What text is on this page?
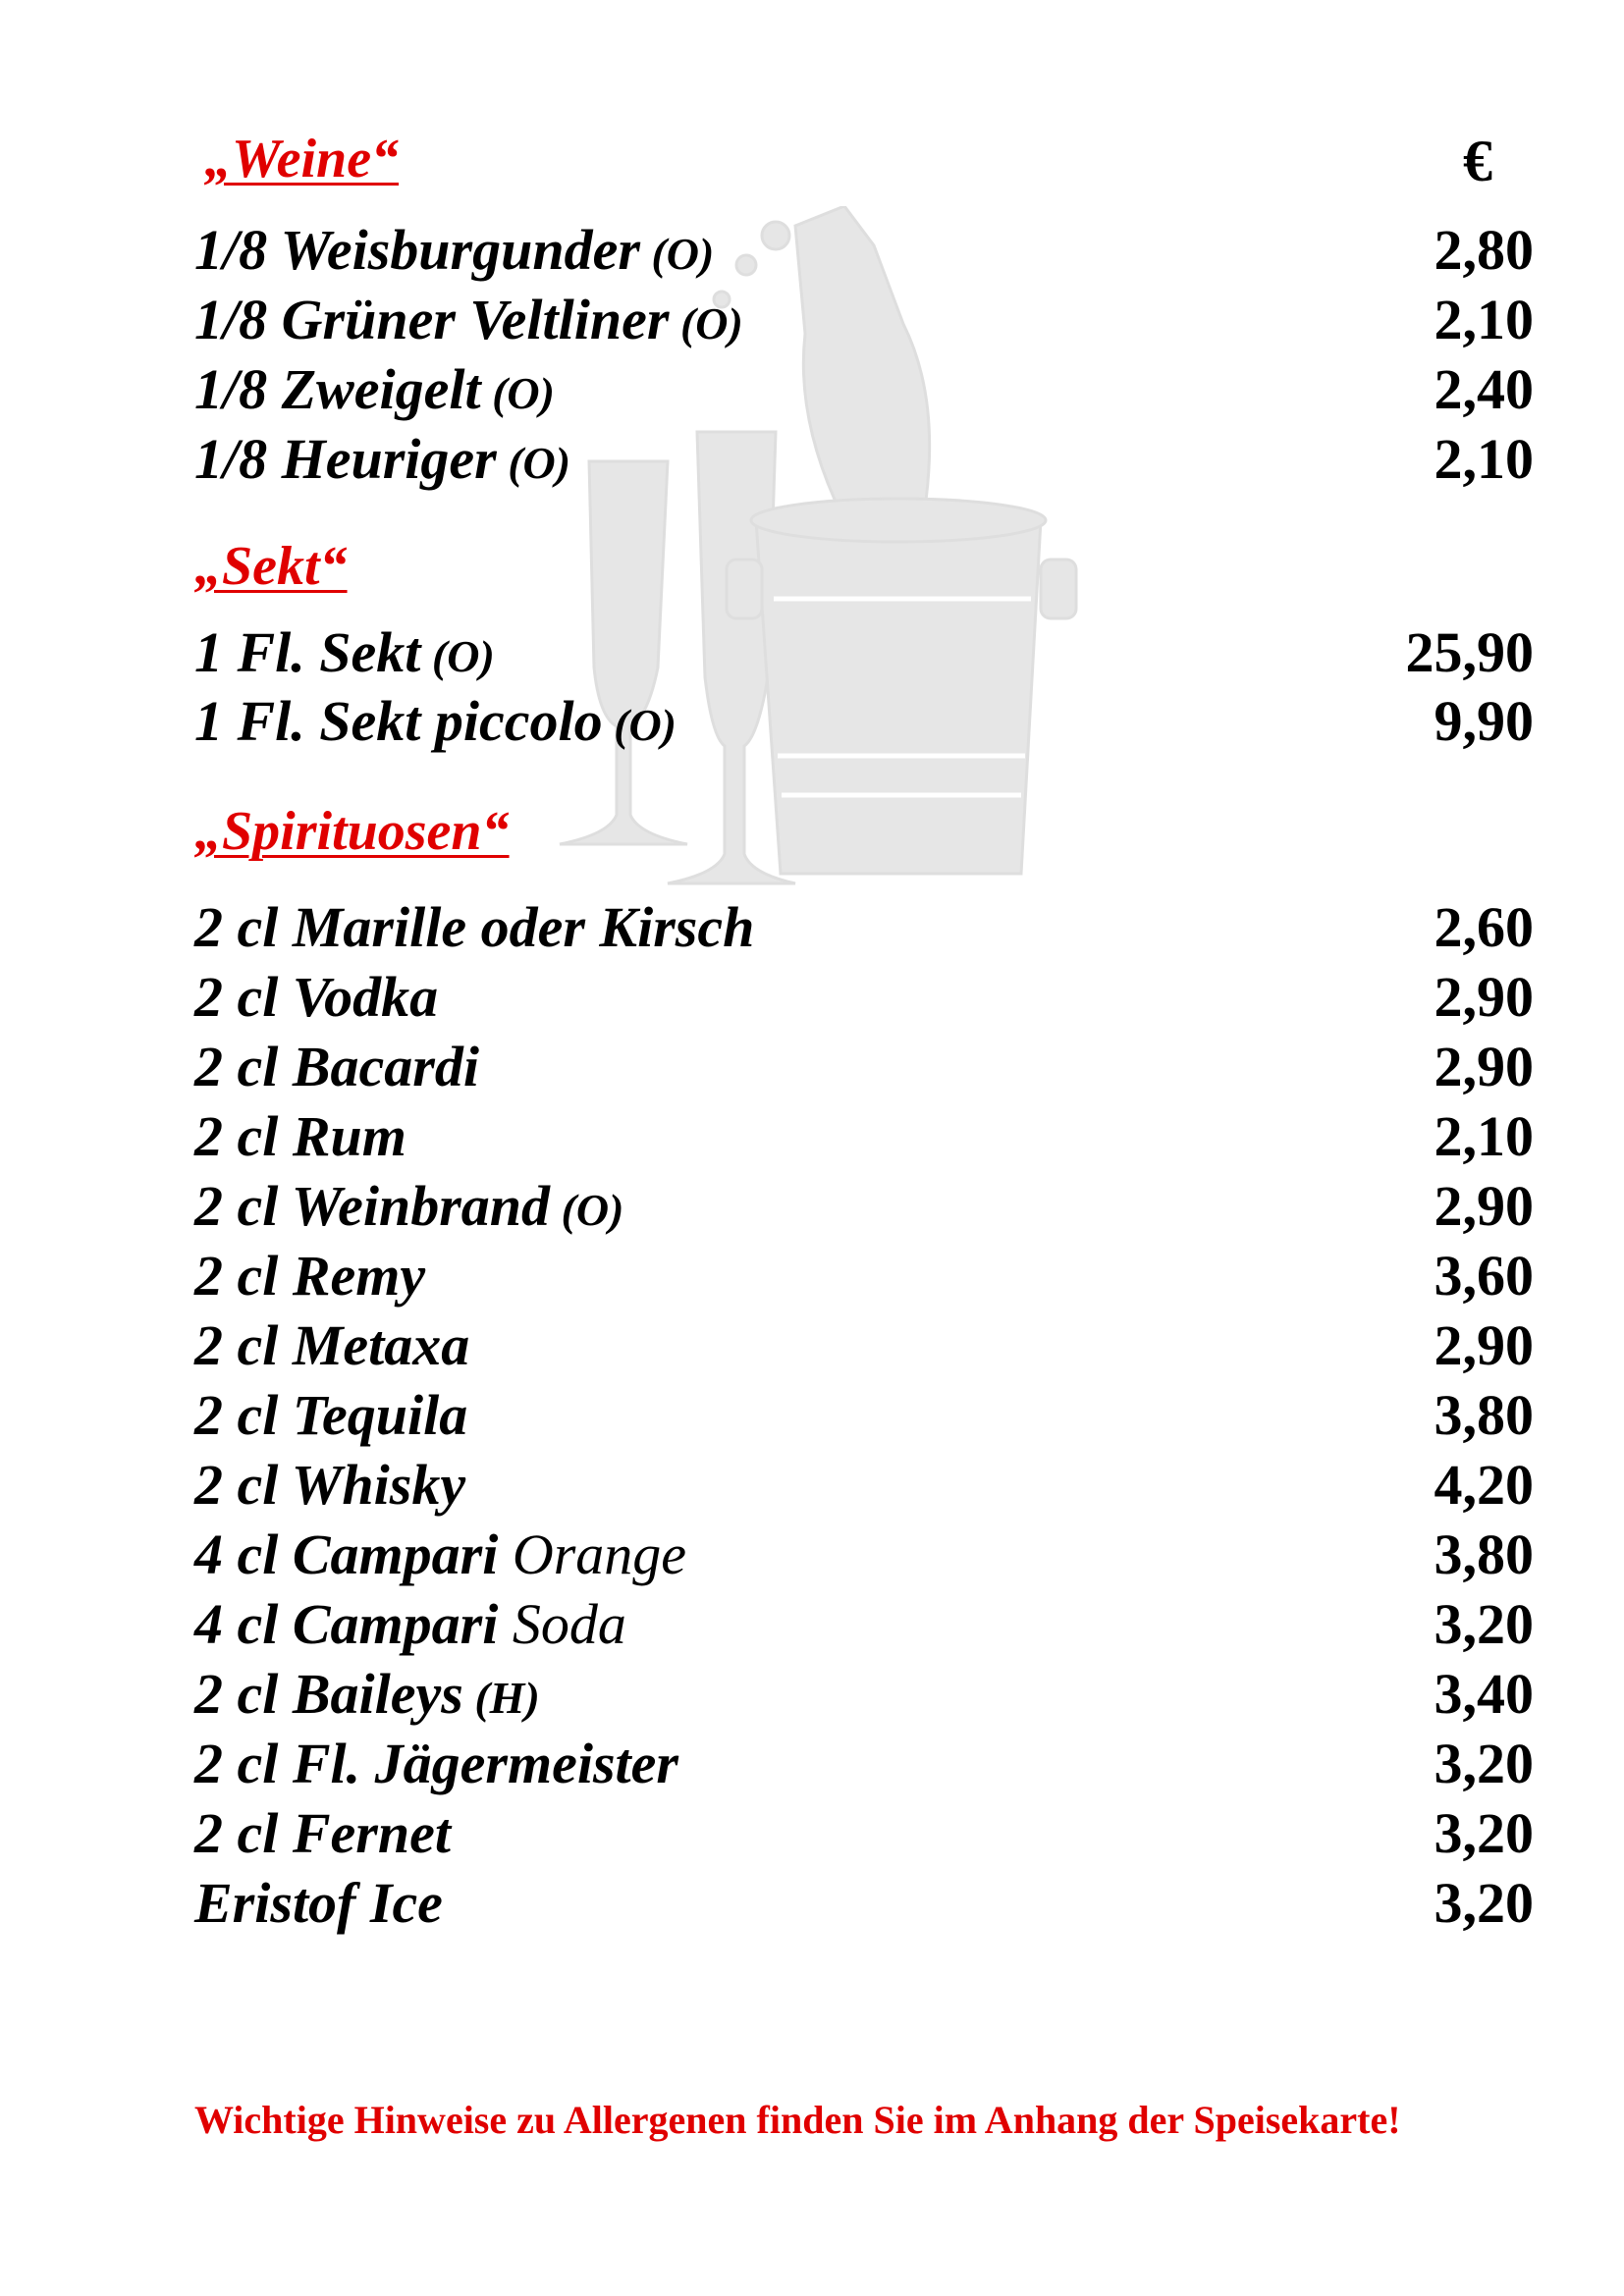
„Weine“	€
1/8 Weisburgunder (O)	2,80
1/8 Grüner Veltliner (O)	2,10
1/8 Zweigelt (O)	2,40
1/8 Heuriger (O)	2,10
„Sekt“
1 Fl. Sekt (O)	25,90
1 Fl. Sekt piccolo (O)	9,90
„Spirituosen“
2 cl Marille oder Kirsch	2,60
2 cl Vodka	2,90
2 cl Bacardi	2,90
2 cl Rum	2,10
2 cl Weinbrand (O)	2,90
2 cl Remy	3,60
2 cl Metaxa	2,90
2 cl Tequila	3,80
2 cl Whisky	4,20
4 cl Campari Orange	3,80
4 cl Campari Soda	3,20
2 cl Baileys (H)	3,40
2 cl Fl. Jägermeister	3,20
2 cl Fernet	3,20
Eristof Ice	3,20
Wichtige Hinweise zu Allergenen finden Sie im Anhang der Speisekarte!
